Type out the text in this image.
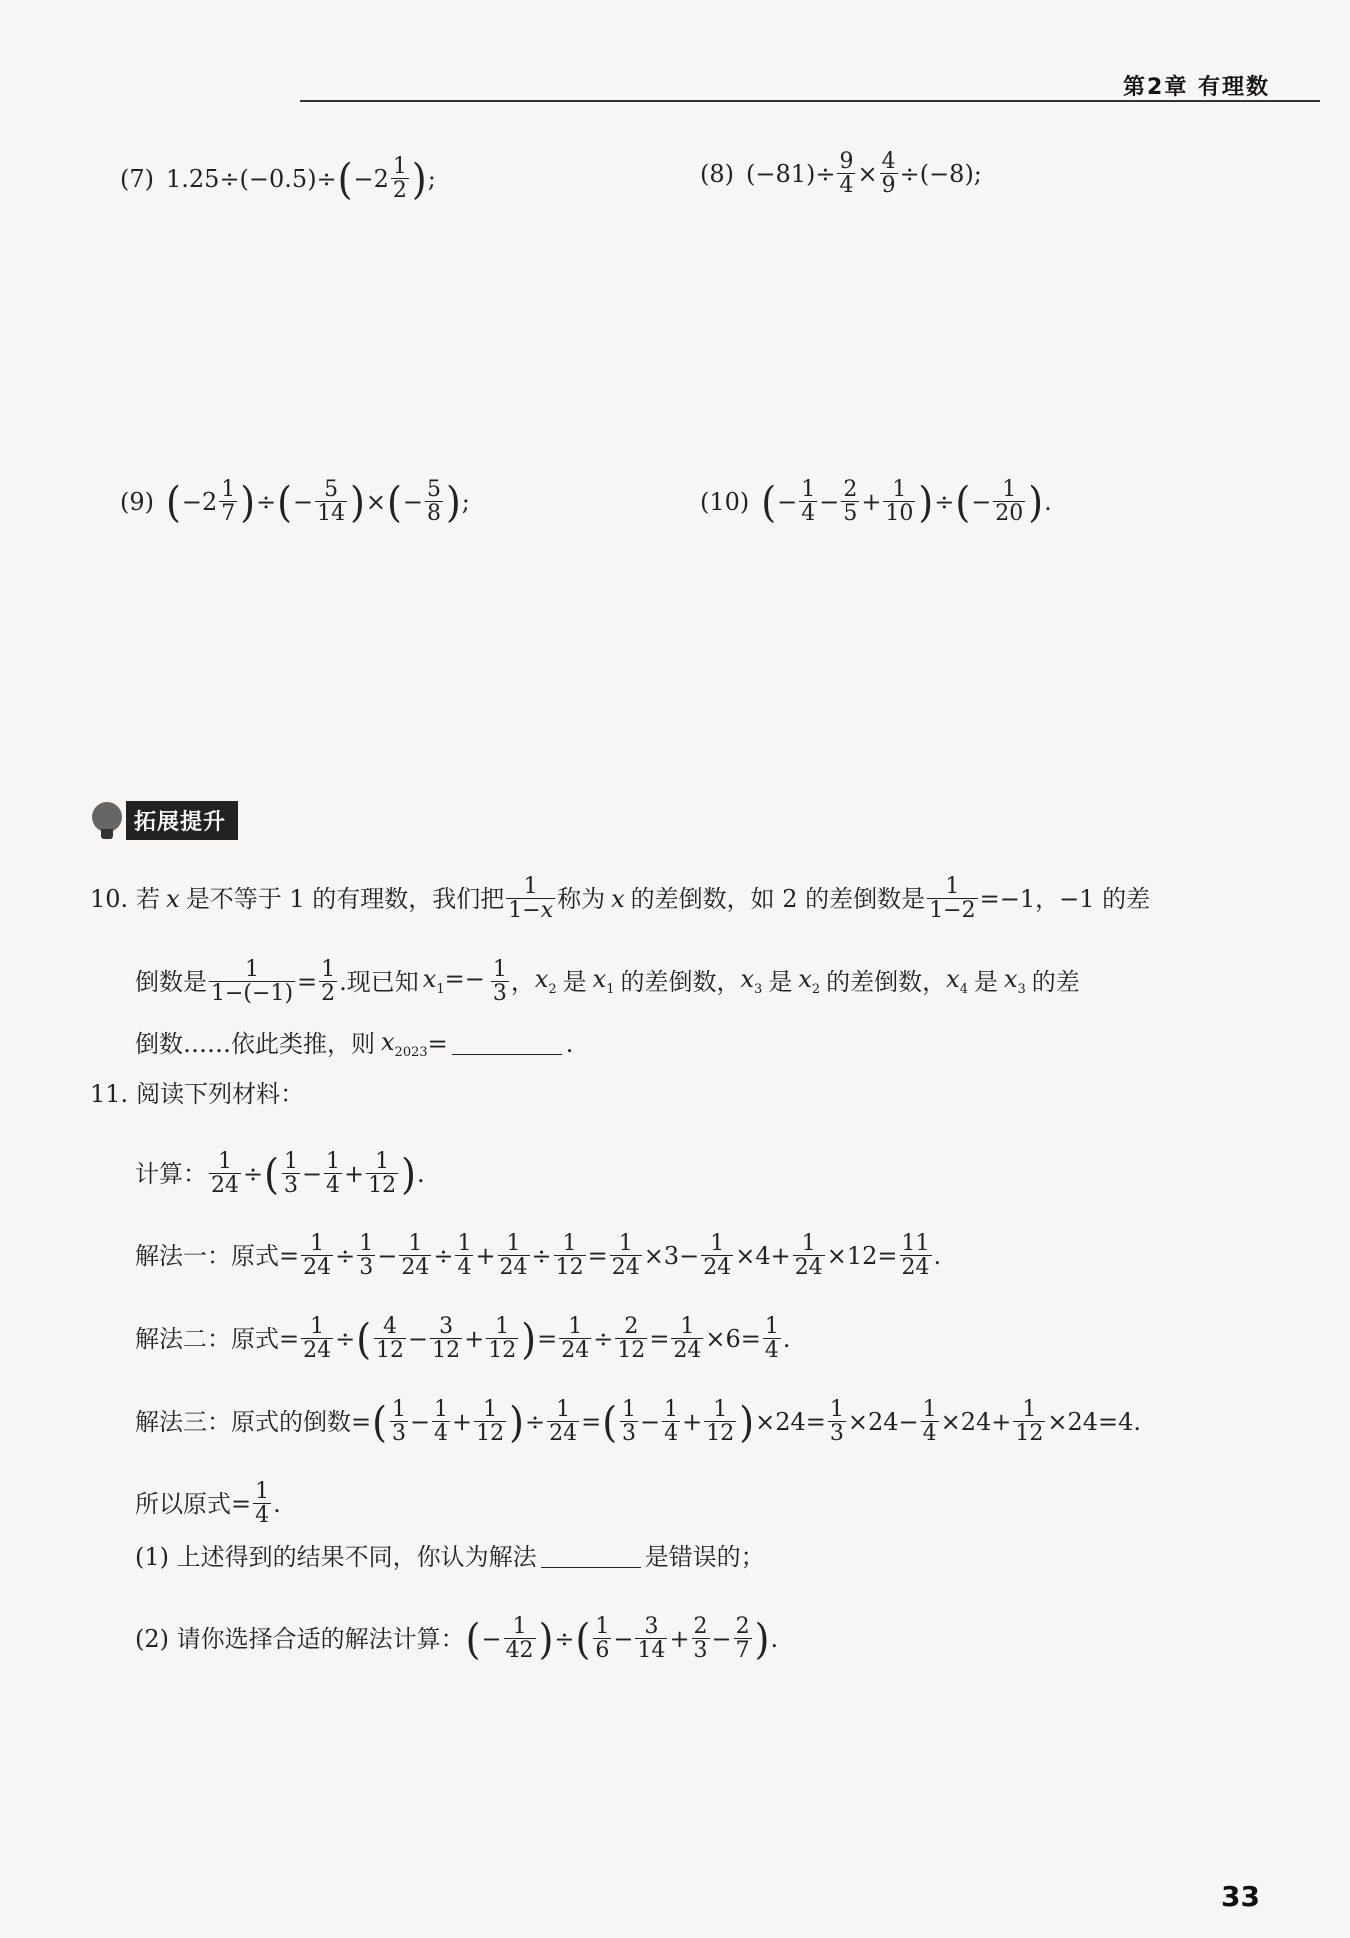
第2章 有理数
(7) 1.25÷(−0.5)÷ ( $-2 \frac{1}{2}$ ) ;	(8) $(-81)\div \frac{9}{4} \times \frac{4}{9} \div(-8)$;
(9) ( $-2 \frac{1}{7}$ ) ÷ ( − $\frac{5}{14}$ ) × ( − $\frac{5}{8}$ ) ;	(10) ( − $\frac{1}{4} - \frac{2}{5} + \frac{1}{10}$ ) ÷ ( − $\frac{1}{20}$ ) .
拓展提升
10. 若 x 是不等于 1 的有理数，我们把 $\frac{1}{1-x}$ 称为 x 的差倒数，如 2 的差倒数是 $\frac{1}{1-2} =-1$，−1 的差
倒数是 $\frac{1}{1-(-1)} = \frac{1}{2}$ .现已知 $x_1=- \frac{1}{3}$ ， $x_2$ 是 $x_1$ 的差倒数， $x_3$ 是 $x_2$ 的差倒数， $x_4$ 是 $x_3$ 的差
倒数……依此类推，则 $x_{2023}$ =	.
11. 阅读下列材料：
计算： $\frac{1}{24}$ ÷ ( $\frac{1}{3} - \frac{1}{4} + \frac{1}{12}$ ) .
解法一：原式 = $\frac{1}{24} \div \frac{1}{3} - \frac{1}{24} \div \frac{1}{4} + \frac{1}{24} \div \frac{1}{12} = \frac{1}{24} \times 3- \frac{1}{24} \times 4+ \frac{1}{24} \times 12= \frac{11}{24}$ .
解法二：原式 = $\frac{1}{24}$ ÷ ( $\frac{4}{12} - \frac{3}{12} + \frac{1}{12}$ ) = $\frac{1}{24} \div \frac{2}{12} = \frac{1}{24} \times 6= \frac{1}{4}$ .
解法三：原式的倒数 = ( $\frac{1}{3} - \frac{1}{4} + \frac{1}{12}$ ) ÷ $\frac{1}{24}$ = ( $\frac{1}{3} - \frac{1}{4} + \frac{1}{12}$ ) $\times 24= \frac{1}{3} \times 24- \frac{1}{4} \times 24+ \frac{1}{12} \times 24=4$.
所以原式 = $\frac{1}{4}$ .
(1) 上述得到的结果不同，你认为解法	是错误的；
(2) 请你选择合适的解法计算： ( − $\frac{1}{42}$ ) ÷ ( $\frac{1}{6} - \frac{3}{14} + \frac{2}{3} - \frac{2}{7}$ ) .
33
